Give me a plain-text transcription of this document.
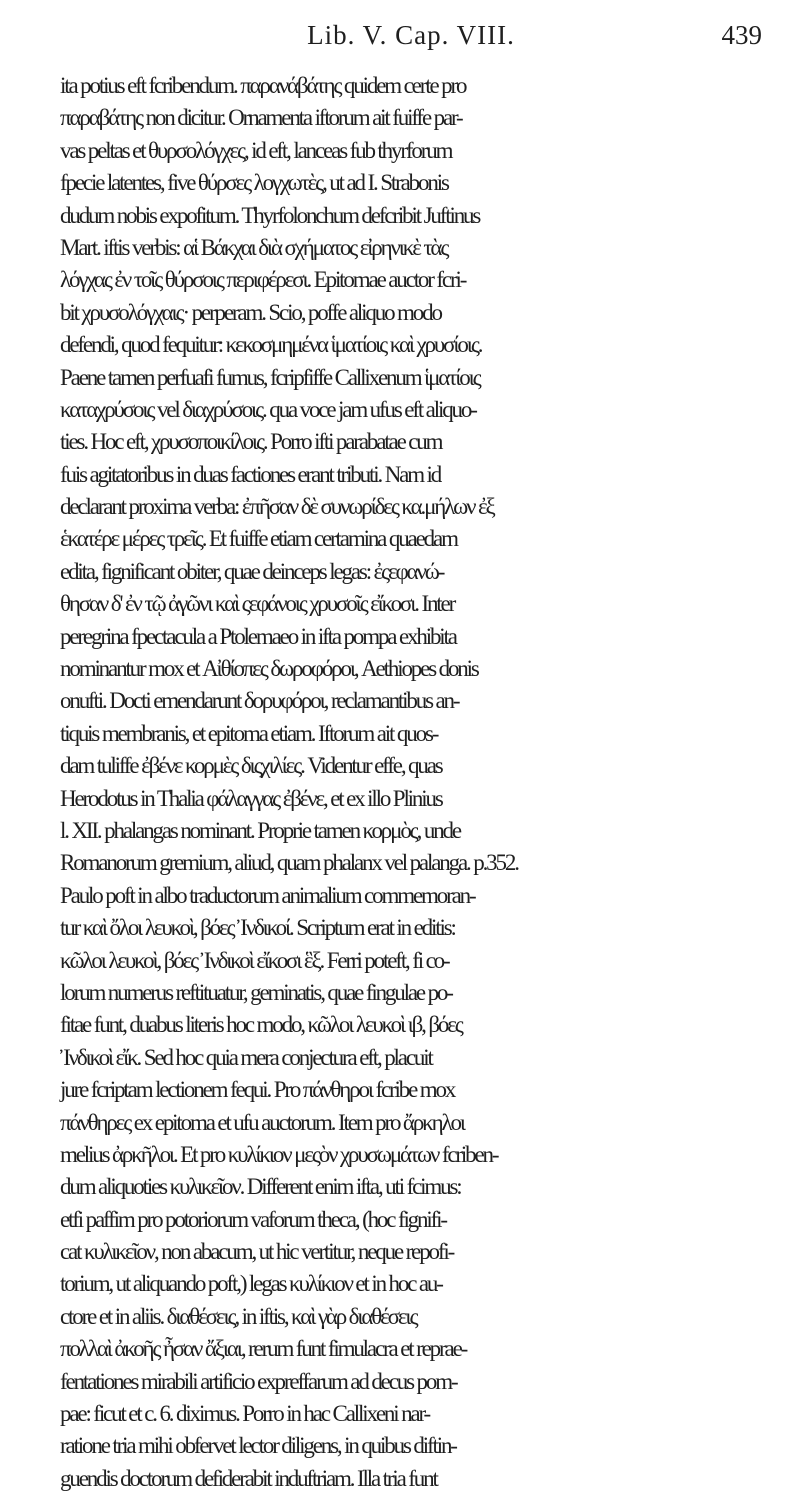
Lib. V. Cap. VIII.	439
ita potius eft fcribendum. παρανάβάτης quidem certe pro
παραβάτης non dicitur. Ornamenta iftorum ait fuiffe par-
vas peltas et θυρσολόγχες, id eft, lanceas fub thyrforum
fpecie latentes, five θύρσες λογχωτὲς, ut ad I. Strabonis
dudum nobis expofitum. Thyrfolonchum defcribit Juftinus
Mart. iftis verbis: αἱ Βάκχαι διὰ σχήματος εἰρηνικὲ τὰς
λόγχας ἐν τοῖς θύρσοις περιφέρεσι. Epitomae auctor fcri-
bit χρυσολόγχαις· perperam. Scio, poffe aliquo modo
defendi, quod fequitur: κεκοσμημένα ἱματίοις καὶ χρυσίοις.
Paene tamen perfuafi fumus, fcripfiffe Callixenum ἱματίοις
καταχρύσοις vel διαχρύσοις. qua voce jam ufus eft aliquo-
ties. Hoc eft, χρυσοποικίλοις. Porro ifti parabatae cum
fuis agitatoribus in duas factiones erant tributi. Nam id
declarant proxima verba: ἐπῆσαν δὲ συνωρίδες κα.μήλων ἐξ
ἑκατέρε μέρες τρεῖς. Et fuiffe etiam certamina quaedam
edita, fignificant obiter, quae deinceps legas: ἐςεφανώ-
θησαν δ' ἐν τῷ ἀγῶνι καὶ ςεφάνοις χρυσοῖς εἴκοσι. Inter
peregrina fpectacula a Ptolemaeo in ifta pompa exhibita
nominantur mox et Αἰθίοπες δωροφόροι, Aethiopes donis
onufti. Docti emendarunt δορυφόροι, reclamantibus an-
tiquis membranis, et epitoma etiam. Iftorum ait quos-
dam tuliffe ἐβένε κορμὲς διςχιλίες. Videntur effe, quas
Herodotus in Thalia φάλαγγας ἐβένε, et ex illo Plinius
l. XII. phalangas nominant. Proprie tamen κορμὸς, unde
Romanorum gremium, aliud, quam phalanx vel palanga. p.352.
Paulo poft in albo traductorum animalium commemoran-
tur καὶ ὄλοι λευκοὶ, βόες Ἰνδικοί. Scriptum erat in editis:
κῶλοι λευκοὶ, βόες Ἰνδικοὶ εἴκοσι ἓξ. Ferri poteft, fi co-
lorum numerus reftituatur, geminatis, quae fingulae po-
fitae funt, duabus literis hoc modo, κῶλοι λευκοὶ ιβ, βόες
Ἰνδικοὶ εἴκ. Sed hoc quia mera conjectura eft, placuit
jure fcriptam lectionem fequi. Pro πάνθηροι fcribe mox
πάνθηρες ex epitoma et ufu auctorum. Item pro ἄρκηλοι
melius ἀρκῆλοι. Et pro κυλίκιον μεςὸν χρυσωμάτων fcriben-
dum aliquoties κυλικεῖον. Different enim ifta, uti fcimus:
etfi paffim pro potoriorum vaforum theca, (hoc fignifi-
cat κυλικεῖον, non abacum, ut hic vertitur, neque repofi-
torium, ut aliquando poft,) legas κυλίκιον et in hoc au-
ctore et in aliis. διαθέσεις, in iftis, καὶ γὰρ διαθέσεις
πολλαὶ ἀκοῆς ἦσαν ἄξιαι, rerum funt fimulacra et reprae-
fentationes mirabili artificio expreffarum ad decus pom-
pae: ficut et c. 6. diximus. Porro in hac Callixeni nar-
ratione tria mihi obfervet lector diligens, in quibus diftin-
guendis doctorum defiderabit induftriam. Illa tria funt
